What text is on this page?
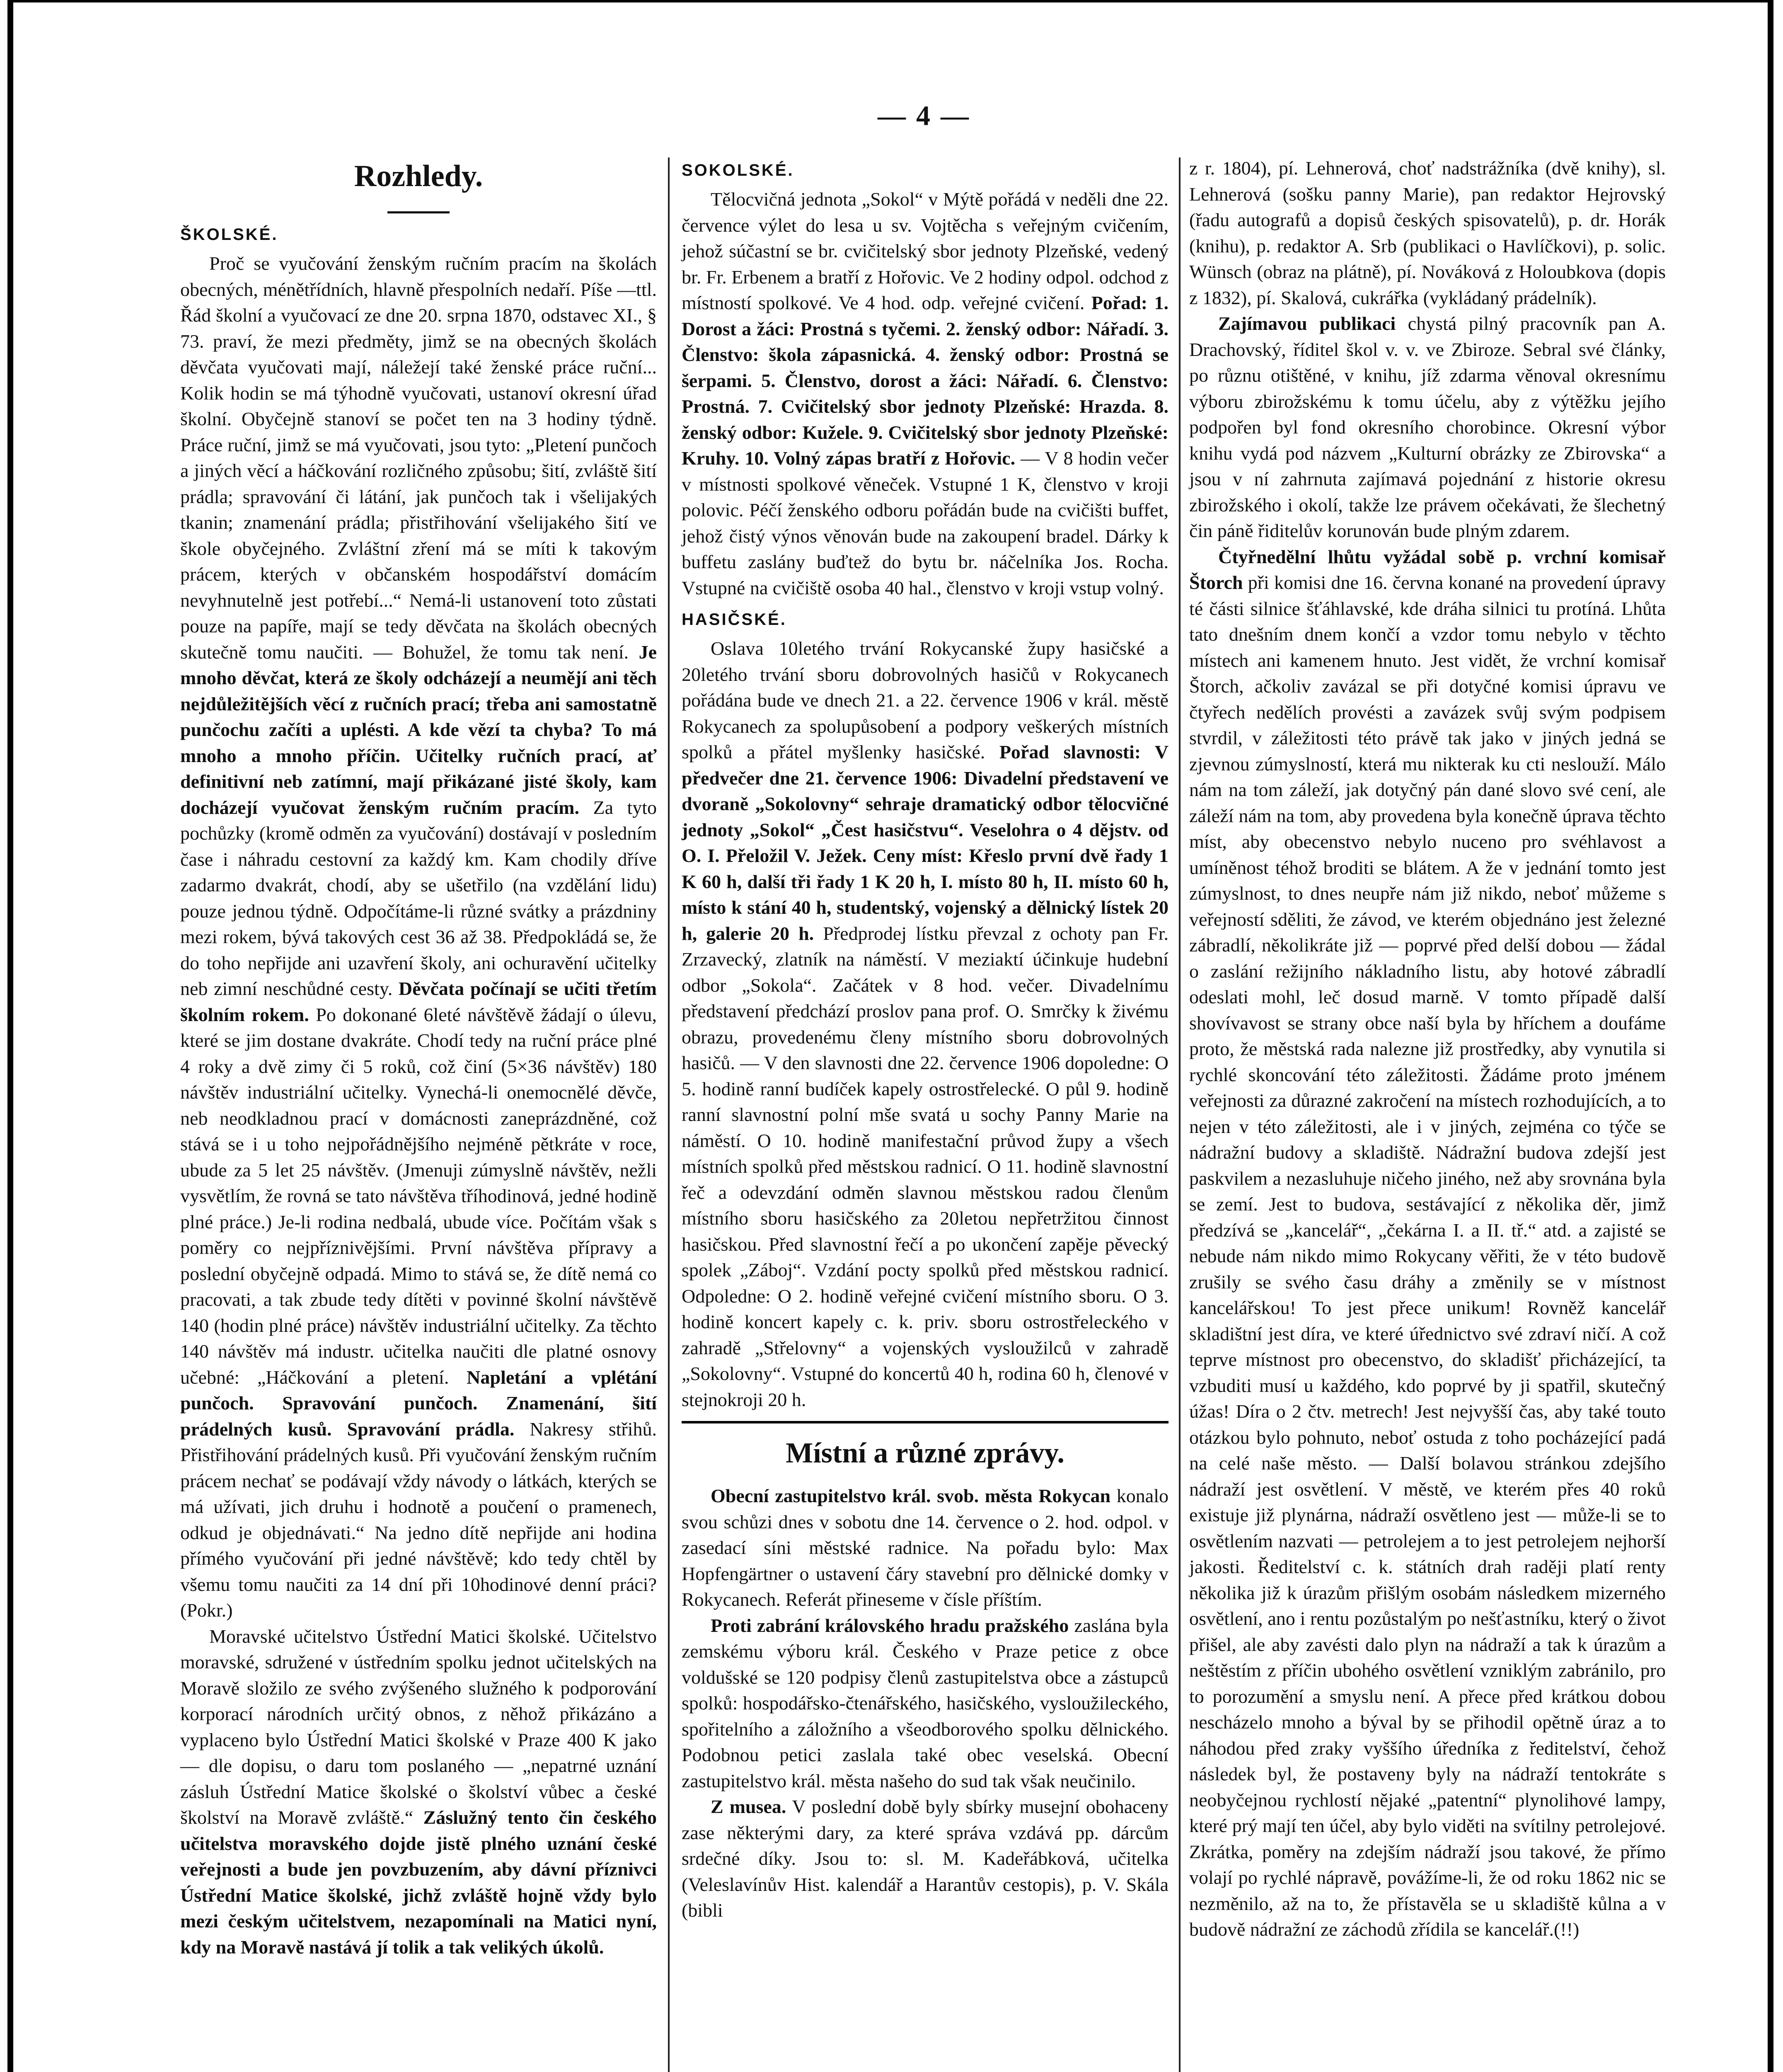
— 4 —
Rozhledy.
ŠKOLSKÉ.

Proč se vyučování ženským ručním pracím na školách obecných, ménětřídních, hlavně přespolních nedaří. Píše —ttl. Řád školní a vyučovací ze dne 20. srpna 1870, odstavec XI., § 73. praví, že mezi předměty, jimž se na obecných školách děvčata vyučovati mají, náležejí také ženské práce ruční... Kolik hodin se má týhodně vyučovati, ustanoví okresní úřad školní. Obyčejně stanoví se počet ten na 3 hodiny týdně. Práce ruční, jimž se má vyučovati, jsou tyto: „Pletení punčoch a jiných věcí a háčkování rozličného způsobu; šití, zvláště šití prádla; spravování či látání, jak punčoch tak i všelijakých tkanin; znamenání prádla; přistřihování všelijakého šití ve škole obyčejného. Zvláštní zření má se míti k takovým prácem, kterých v občanském hospodářství domácím nevyhnutelně jest potřebí...“ Nemá-li ustanovení toto zůstati pouze na papíře, mají se tedy děvčata na školách obecných skutečně tomu naučiti. — Bohužel, že tomu tak není. Je mnoho děvčat, která ze školy odcházejí a neumějí ani těch nejdůležitějších věcí z ručních prací; třeba ani samostatně punčochu začíti a uplésti. A kde vězí ta chyba? To má mnoho a mnoho příčin. Učitelky ručních prací, ať definitivní neb zatímní, mají přikázané jisté školy, kam docházejí vyučovat ženským ručním pracím. Za tyto pochůzky (kromě odměn za vyučování) dostávají v posledním čase i náhradu cestovní za každý km. Kam chodily dříve zadarmo dvakrát, chodí, aby se ušetřilo (na vzdělání lidu) pouze jednou týdně. Odpočítáme-li různé svátky a prázdniny mezi rokem, bývá takových cest 36 až 38. Předpokládá se, že do toho nepřijde ani uzavření školy, ani ochuravění učitelky neb zimní neschůdné cesty. Děvčata počínají se učiti třetím školním rokem. Po dokonané 6leté návštěvě žádají o úlevu, které se jim dostane dvakráte. Chodí tedy na ruční práce plné 4 roky a dvě zimy či 5 roků, což činí (5×36 návštěv) 180 návštěv industriální učitelky. Vynechá-li onemocnělé děvče, neb neodkladnou prací v domácnosti zaneprázdněné, což stává se i u toho nejpořádnějšího nejméně pětkráte v roce, ubude za 5 let 25 návštěv. (Jmenuji zúmyslně návštěv, nežli vysvětlím, že rovná se tato návštěva tříhodinová, jedné hodině plné práce.) Je-li rodina nedbalá, ubude více. Počítám však s poměry co nejpříznivějšími. První návštěva přípravy a poslední obyčejně odpadá. Mimo to stává se, že dítě nemá co pracovati, a tak zbude tedy dítěti v povinné školní návštěvě 140 (hodin plné práce) návštěv industriální učitelky. Za těchto 140 návštěv má industr. učitelka naučiti dle platné osnovy učebné: „Háčkování a pletení. Napletání a vplétání punčoch. Spravování punčoch. Znamenání, šití prádelných kusů. Spravování prádla. Nakresy střihů. Přistřihování prádelných kusů. Při vyučování ženským ručním prácem nechať se podávají vždy návody o látkách, kterých se má užívati, jich druhu i hodnotě a poučení o pramenech, odkud je objednávati.“ Na jedno dítě nepřijde ani hodina přímého vyučování při jedné návštěvě; kdo tedy chtěl by všemu tomu naučiti za 14 dní při 10hodinové denní práci? (Pokr.)

Moravské učitelstvo Ústřední Matici školské. Učitelstvo moravské, sdružené v ústředním spolku jednot učitelských na Moravě složilo ze svého zvýšeného služného k podporování korporací národních určitý obnos, z něhož přikázáno a vyplaceno bylo Ústřední Matici školské v Praze 400 K jako — dle dopisu, o daru tom poslaného — „nepatrné uznání zásluh Ústřední Matice školské o školství vůbec a české školství na Moravě zvláště.“ Záslužný tento čin českého učitelstva moravského dojde jistě plného uznání české veřejnosti a bude jen povzbuzením, aby dávní příznivci Ústřední Matice školské, jichž zvláště hojně vždy bylo mezi českým učitelstvem, nezapomínali na Matici nyní, kdy na Moravě nastává jí tolik a tak velikých úkolů.

SOKOLSKÉ.

Tělocvičná jednota „Sokol“ v Mýtě pořádá v neděli dne 22. července výlet do lesa u sv. Vojtěcha s veřejným cvičením, jehož súčastní se br. cvičitelský sbor jednoty Plzeňské, vedený br. Fr. Erbenem a bratří z Hořovic. Ve 2 hodiny odpol. odchod z místností spolkové. Ve 4 hod. odp. veřejné cvičení. Pořad: 1. Dorost a žáci: Prostná s tyčemi. 2. ženský odbor: Nářadí. 3. Členstvo: škola zápasnická. 4. ženský odbor: Prostná se šerpami. 5. Členstvo, dorost a žáci: Nářadí. 6. Členstvo: Prostná. 7. Cvičitelský sbor jednoty Plzeňské: Hrazda. 8. ženský odbor: Kužele. 9. Cvičitelský sbor jednoty Plzeňské: Kruhy. 10. Volný zápas bratří z Hořovic. — V 8 hodin večer v místnosti spolkové věneček. Vstupné 1 K, členstvo v kroji polovic. Péčí ženského odboru pořádán bude na cvičišti buffet, jehož čistý výnos věnován bude na zakoupení bradel. Dárky k buffetu zaslány buďtež do bytu br. náčelníka Jos. Rocha. Vstupné na cvičiště osoba 40 hal., členstvo v kroji vstup volný.

HASIČSKÉ.

Oslava 10letého trvání Rokycanské župy hasičské a 20letého trvání sboru dobrovolných hasičů v Rokycanech pořádána bude ve dnech 21. a 22. července 1906 v král. městě Rokycanech za spolupůsobení a podpory veškerých místních spolků a přátel myšlenky hasičské. Pořad slavnosti: V předvečer dne 21. července 1906: Divadelní představení ve dvoraně „Sokolovny“ sehraje dramatický odbor tělocvičné jednoty „Sokol“ „Čest hasičstvu“. Veselohra o 4 dějstv. od O. I. Přeložil V. Ježek. Ceny míst: Křeslo první dvě řady 1 K 60 h, další tři řady 1 K 20 h, I. místo 80 h, II. místo 60 h, místo k stání 40 h, studentský, vojenský a dělnický lístek 20 h, galerie 20 h. Předprodej lístku převzal z ochoty pan Fr. Zrzavecký, zlatník na náměstí. V meziaktí účinkuje hudební odbor „Sokola“. Začátek v 8 hod. večer. Divadelnímu představení předchází proslov pana prof. O. Smrčky k živému obrazu, provedenému členy místního sboru dobrovolných hasičů. — V den slavnosti dne 22. července 1906 dopoledne: O 5. hodině ranní budíček kapely ostrostřelecké. O půl 9. hodině ranní slavnostní polní mše svatá u sochy Panny Marie na náměstí. O 10. hodině manifestační průvod župy a všech místních spolků před městskou radnicí. O 11. hodině slavnostní řeč a odevzdání odměn slavnou městskou radou členům místního sboru hasičského za 20letou nepřetržitou činnost hasičskou. Před slavnostní řečí a po ukončení zapěje pěvecký spolek „Záboj“. Vzdání pocty spolků před městskou radnicí. Odpoledne: O 2. hodině veřejné cvičení místního sboru. O 3. hodině koncert kapely c. k. priv. sboru ostrostřeleckého v zahradě „Střelovny“ a vojenských vysloužilců v zahradě „Sokolovny“. Vstupné do koncertů 40 h, rodina 60 h, členové v stejnokroji 20 h.

Místní a různé zprávy.

Obecní zastupitelstvo král. svob. města Rokycan konalo svou schůzi dnes v sobotu dne 14. července o 2. hod. odpol. v zasedací síni městské radnice. Na pořadu bylo: Max Hopfengärtner o ustavení čáry stavební pro dělnické domky v Rokycanech. Referát přineseme v čísle příštím.

Proti zabrání královského hradu pražského zaslána byla zemskému výboru král. Českého v Praze petice z obce voldušské se 120 podpisy členů zastupitelstva obce a zástupců spolků: hospodářsko-čtenářského, hasičského, vysloužileckého, spořitelního a záložního a všeodborového spolku dělnického. Podobnou petici zaslala také obec veselská. Obecní zastupitelstvo král. města našeho do sud tak však neučinilo.

Z musea. V poslední době byly sbírky musejní obohaceny zase některými dary, za které správa vzdává pp. dárcům srdečné díky. Jsou to: sl. M. Kadeřábková, učitelka (Veleslavínův Hist. kalendář a Harantův cestopis), p. V. Skála (bibli

z r. 1804), pí. Lehnerová, choť nadstrážníka (dvě knihy), sl. Lehnerová (sošku panny Marie), pan redaktor Hejrovský (řadu autografů a dopisů českých spisovatelů), p. dr. Horák (knihu), p. redaktor A. Srb (publikaci o Havlíčkovi), p. solic. Wünsch (obraz na plátně), pí. Nováková z Holoubkova (dopis z 1832), pí. Skalová, cukrářka (vykládaný prádelník).

Zajímavou publikaci chystá pilný pracovník pan A. Drachovský, říditel škol v. v. ve Zbiroze. Sebral své články, po různu otištěné, v knihu, jíž zdarma věnoval okresnímu výboru zbirožskému k tomu účelu, aby z výtěžku jejího podpořen byl fond okresního chorobince. Okresní výbor knihu vydá pod názvem „Kulturní obrázky ze Zbirovska“ a jsou v ní zahrnuta zajímavá pojednání z historie okresu zbirožského i okolí, takže lze právem očekávati, že šlechetný čin páně řiditelův korunován bude plným zdarem.

Čtyřnedělní lhůtu vyžádal sobě p. vrchní komisař Štorch při komisi dne 16. června konané na provedení úpravy té části silnice šťáhlavské, kde dráha silnici tu protíná. Lhůta tato dnešním dnem končí a vzdor tomu nebylo v těchto místech ani kamenem hnuto. Jest vidět, že vrchní komisař Štorch, ačkoliv zavázal se při dotyčné komisi úpravu ve čtyřech nedělích provésti a zavázek svůj svým podpisem stvrdil, v záležitosti této právě tak jako v jiných jedná se zjevnou zúmyslností, která mu nikterak ku cti neslouží. Málo nám na tom záleží, jak dotyčný pán dané slovo své cení, ale záleží nám na tom, aby provedena byla konečně úprava těchto míst, aby obecenstvo nebylo nuceno pro svéhlavost a umíněnost téhož broditi se blátem. A že v jednání tomto jest zúmyslnost, to dnes neupře nám již nikdo, neboť můžeme s veřejností sděliti, že závod, ve kterém objednáno jest železné zábradlí, několikráte již — poprvé před delší dobou — žádal o zaslání režijního nákladního listu, aby hotové zábradlí odeslati mohl, leč dosud marně. V tomto případě další shovívavost se strany obce naší byla by hříchem a doufáme proto, že městská rada nalezne již prostředky, aby vynutila si rychlé skoncování této záležitosti. Žádáme proto jménem veřejnosti za důrazné zakročení na místech rozhodujících, a to nejen v této záležitosti, ale i v jiných, zejména co týče se nádražní budovy a skladiště. Nádražní budova zdejší jest paskvilem a nezasluhuje ničeho jiného, než aby srovnána byla se zemí. Jest to budova, sestávající z několika děr, jimž předzívá se „kancelář“, „čekárna I. a II. tř.“ atd. a zajisté se nebude nám nikdo mimo Rokycany věřiti, že v této budově zrušily se svého času dráhy a změnily se v místnost kancelářskou! To jest přece unikum! Rovněž kancelář skladištní jest díra, ve které úřednictvo své zdraví ničí. A což teprve místnost pro obecenstvo, do skladišť přicházející, ta vzbuditi musí u každého, kdo poprvé by ji spatřil, skutečný úžas! Díra o 2 čtv. metrech! Jest nejvyšší čas, aby také touto otázkou bylo pohnuto, neboť ostuda z toho pocházející padá na celé naše město. — Další bolavou stránkou zdejšího nádraží jest osvětlení. V městě, ve kterém přes 40 roků existuje již plynárna, nádraží osvětleno jest — může-li se to osvětlením nazvati — petrolejem a to jest petrolejem nejhorší jakosti. Ředitelství c. k. státních drah raději platí renty několika již k úrazům přišlým osobám následkem mizerného osvětlení, ano i rentu pozůstalým po nešťastníku, který o život přišel, ale aby zavésti dalo plyn na nádraží a tak k úrazům a neštěstím z příčin ubohého osvětlení vzniklým zabránilo, pro to porozumění a smyslu není. A přece před krátkou dobou nescházelo mnoho a býval by se přihodil opětně úraz a to náhodou před zraky vyššího úředníka z ředitelství, čehož následek byl, že postaveny byly na nádraží tentokráte s neobyčejnou rychlostí nějaké „patentní“ plynolihové lampy, které prý mají ten účel, aby bylo viděti na svítilny petrolejové. Zkrátka, poměry na zdejším nádraží jsou takové, že přímo volají po rychlé nápravě, povážíme-li, že od roku 1862 nic se nezměnilo, až na to, že přístavěla se u skladiště kůlna a v budově nádražní ze záchodů zřídila se kancelář.(!!)
